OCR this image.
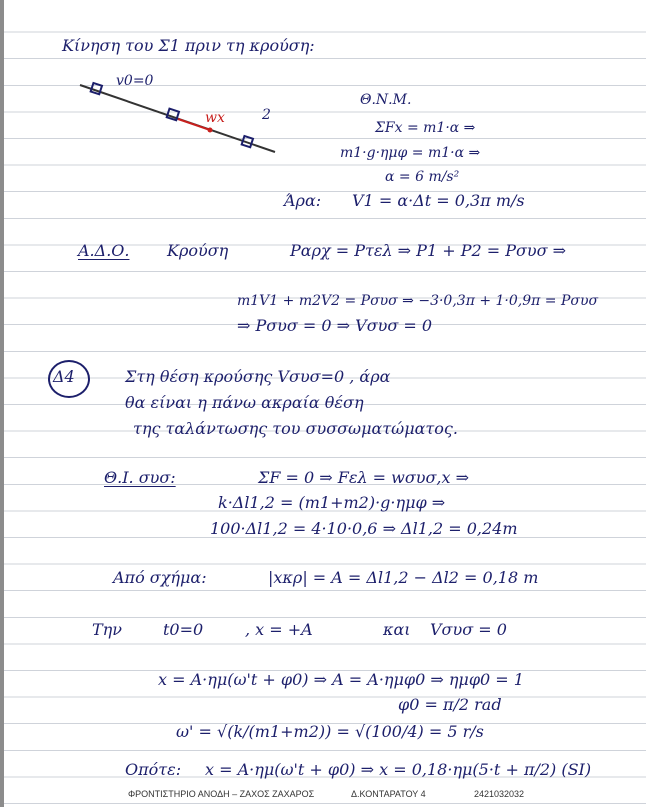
Κίνηση του Σ1 πριν τη κρούση:
v0=0
wx	2
Θ.Ν.Μ.
ΣFx = m1·α ⇒
m1·g·ημφ = m1·α ⇒
α = 6 m/s²
Άρα: V1 = α·Δt = 0,3π m/s
Α.Δ.Ο. Κρούση	Pαρχ = Pτελ ⇒ P1 + P2 = Pσυσ ⇒
m1V1 + m2V2 = Pσυσ ⇒ −3·0,3π + 1·0,9π = Pσυσ
⇒ Pσυσ = 0 ⇒ Vσυσ = 0
Δ4	Στη θέση κρούσης Vσυσ=0 , άρα
θα είναι η πάνω ακραία θέση
της ταλάντωσης του συσσωματώματος.
Θ.Ι. συσ:	ΣF = 0 ⇒ Fελ = wσυσ,x ⇒
k·Δl1,2 = (m1+m2)·g·ημφ ⇒
100·Δl1,2 = 4·10·0,6 ⇒ Δl1,2 = 0,24m
Από σχήμα:	|xκρ| = A = Δl1,2 − Δl2 = 0,18 m
Την	t0=0	, x = +A	και Vσυσ = 0
x = A·ημ(ω't + φ0) ⇒ A = A·ημφ0 ⇒ ημφ0 = 1
φ0 = π/2 rad
ω' = √(k/(m1+m2)) = √(100/4) = 5 r/s
Οπότε: x = A·ημ(ω't + φ0) ⇒ x = 0,18·ημ(5·t + π/2) (SI)
ΦΡΟΝΤΙΣΤΗΡΙΟ ΑΝΟΔΗ – ΖΑΧΟΣ ΖΑΧΑΡΟΣ	Δ.ΚΟΝΤΑΡΑΤΟΥ 4	2421032032
